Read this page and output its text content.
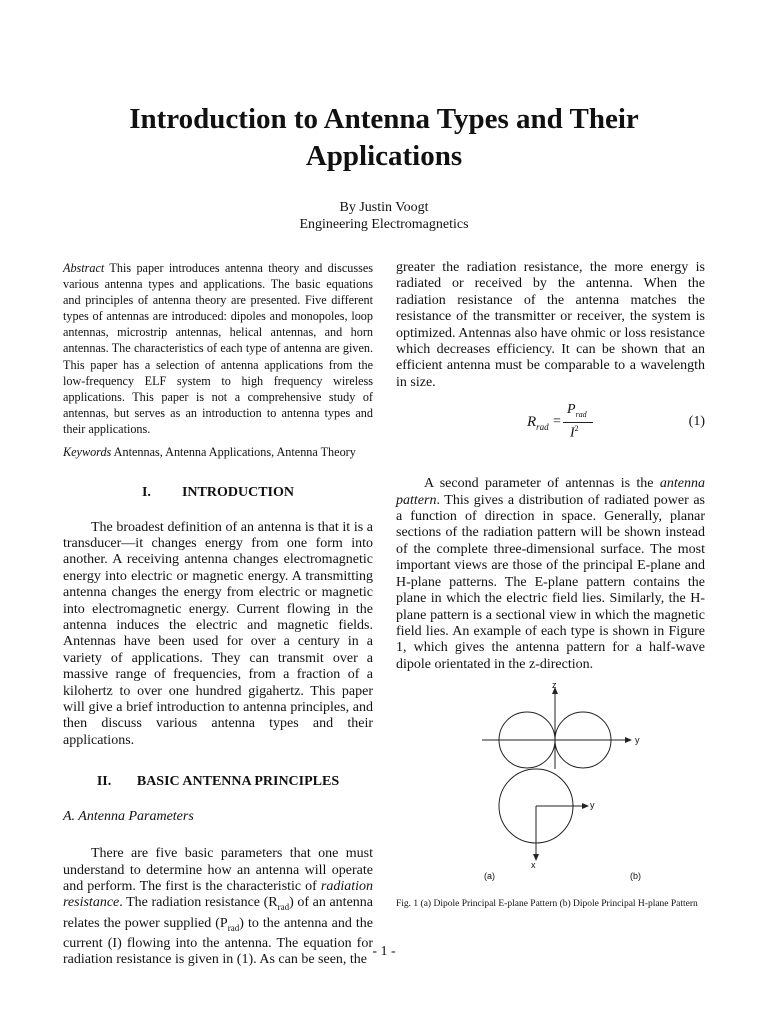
Introduction to Antenna Types and Their Applications
By Justin Voogt
Engineering Electromagnetics

Abstract This paper introduces antenna theory and discusses various antenna types and applications. The basic equations and principles of antenna theory are presented. Five different types of antennas are introduced: dipoles and monopoles, loop antennas, microstrip antennas, helical antennas, and horn antennas. The characteristics of each type of antenna are given. This paper has a selection of antenna applications from the low-frequency ELF system to high frequency wireless applications. This paper is not a comprehensive study of antennas, but serves as an introduction to antenna types and their applications.

Keywords Antennas, Antenna Applications, Antenna Theory

I. INTRODUCTION

The broadest definition of an antenna is that it is a transducer—it changes energy from one form into another. A receiving antenna changes electromagnetic energy into electric or magnetic energy. A transmitting antenna changes the energy from electric or magnetic into electromagnetic energy. Current flowing in the antenna induces the electric and magnetic fields. Antennas have been used for over a century in a variety of applications. They can transmit over a massive range of frequencies, from a fraction of a kilohertz to over one hundred gigahertz. This paper will give a brief introduction to antenna principles, and then discuss various antenna types and their applications.

II. BASIC ANTENNA PRINCIPLES

A. Antenna Parameters

There are five basic parameters that one must understand to determine how an antenna will operate and perform. The first is the characteristic of radiation resistance. The radiation resistance $(R_{rad})$ of an antenna relates the power supplied $(P_{rad})$ to the antenna and the current (I) flowing into the antenna. The equation for radiation resistance is given in (1). As can be seen, the

greater the radiation resistance, the more energy is radiated or received by the antenna. When the radiation resistance of the antenna matches the resistance of the transmitter or receiver, the system is optimized. Antennas also have ohmic or loss resistance which decreases efficiency. It can be shown that an efficient antenna must be comparable to a wavelength in size.

$R_{rad}$ =
$P_{rad}$
$I^2$	(1)

A second parameter of antennas is the antenna pattern. This gives a distribution of radiated power as a function of direction in space. Generally, planar sections of the radiation pattern will be shown instead of the complete three-dimensional surface. The most important views are those of the principal E-plane and H-plane patterns. The E-plane pattern contains the plane in which the electric field lies. Similarly, the H-plane pattern is a sectional view in which the magnetic field lies. An example of each type is shown in Figure 1, which gives the antenna pattern for a half-wave dipole orientated in the z-direction.

z
y
y
x
(a)	(b)
Fig. 1 (a) Dipole Principal E-plane Pattern (b) Dipole Principal H-plane Pattern
- 1 -
